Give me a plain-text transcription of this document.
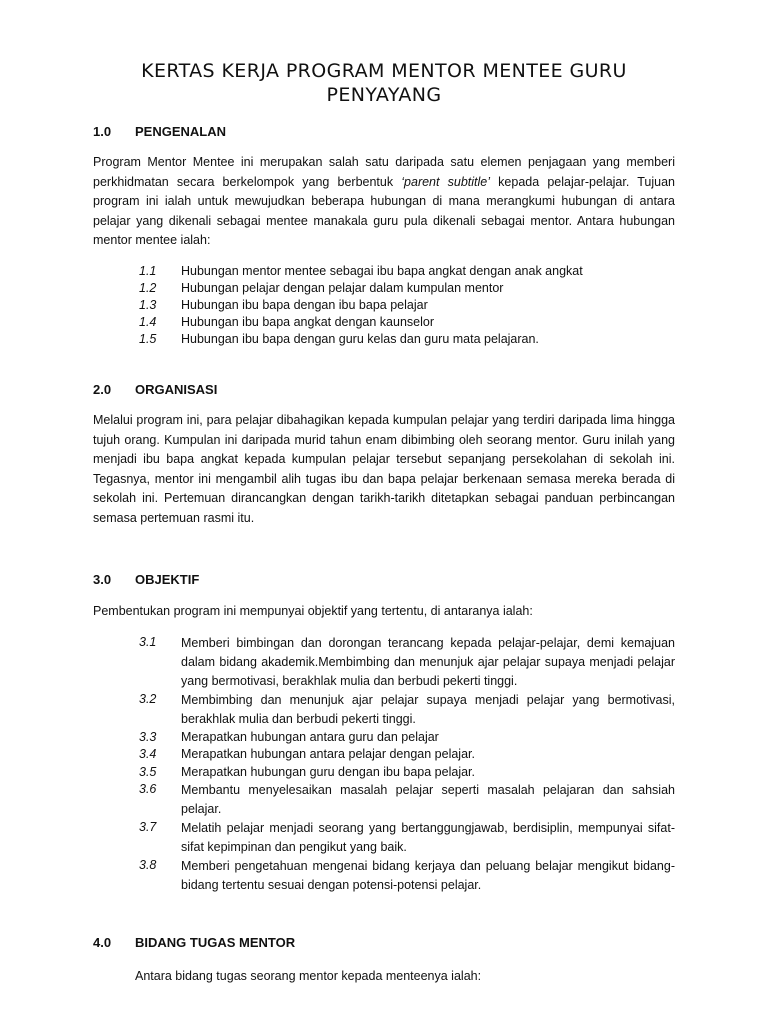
KERTAS KERJA PROGRAM MENTOR MENTEE GURU PENYAYANG
1.0 PENGENALAN
Program Mentor Mentee ini merupakan salah satu daripada satu elemen penjagaan yang memberi perkhidmatan secara berkelompok yang berbentuk ‘parent subtitle’ kepada pelajar-pelajar. Tujuan program ini ialah untuk mewujudkan beberapa hubungan di mana merangkumi hubungan di antara pelajar yang dikenali sebagai mentee manakala guru pula dikenali sebagai mentor. Antara hubungan mentor mentee ialah:
1.1 Hubungan mentor mentee sebagai ibu bapa angkat dengan anak angkat
1.2 Hubungan pelajar dengan pelajar dalam kumpulan mentor
1.3 Hubungan ibu bapa dengan ibu bapa pelajar
1.4 Hubungan ibu bapa angkat dengan kaunselor
1.5 Hubungan ibu bapa dengan guru kelas dan guru mata pelajaran.
2.0 ORGANISASI
Melalui program ini, para pelajar dibahagikan kepada kumpulan pelajar yang terdiri daripada lima hingga tujuh orang. Kumpulan ini daripada murid tahun enam dibimbing oleh seorang mentor. Guru inilah yang menjadi ibu bapa angkat kepada kumpulan pelajar tersebut sepanjang persekolahan di sekolah ini. Tegasnya, mentor ini mengambil alih tugas ibu dan bapa pelajar berkenaan semasa mereka berada di sekolah ini. Pertemuan dirancangkan dengan tarikh-tarikh ditetapkan sebagai panduan perbincangan semasa pertemuan rasmi itu.
3.0 OBJEKTIF
Pembentukan program ini mempunyai objektif yang tertentu, di antaranya ialah:
3.1 Memberi bimbingan dan dorongan terancang kepada pelajar-pelajar, demi kemajuan dalam bidang akademik.Membimbing dan menunjuk ajar pelajar supaya menjadi pelajar yang bermotivasi, berakhlak mulia dan berbudi pekerti tinggi.
3.2 Membimbing dan menunjuk ajar pelajar supaya menjadi pelajar yang bermotivasi, berakhlak mulia dan berbudi pekerti tinggi.
3.3 Merapatkan hubungan antara guru dan pelajar
3.4 Merapatkan hubungan antara pelajar dengan pelajar.
3.5 Merapatkan hubungan guru dengan ibu bapa pelajar.
3.6 Membantu menyelesaikan masalah pelajar seperti masalah pelajaran dan sahsiah pelajar.
3.7 Melatih pelajar menjadi seorang yang bertanggungjawab, berdisiplin, mempunyai sifat-sifat kepimpinan dan pengikut yang baik.
3.8 Memberi pengetahuan mengenai bidang kerjaya dan peluang belajar mengikut bidang-bidang tertentu sesuai dengan potensi-potensi pelajar.
4.0 BIDANG TUGAS MENTOR
Antara bidang tugas seorang mentor kepada menteenya ialah:
